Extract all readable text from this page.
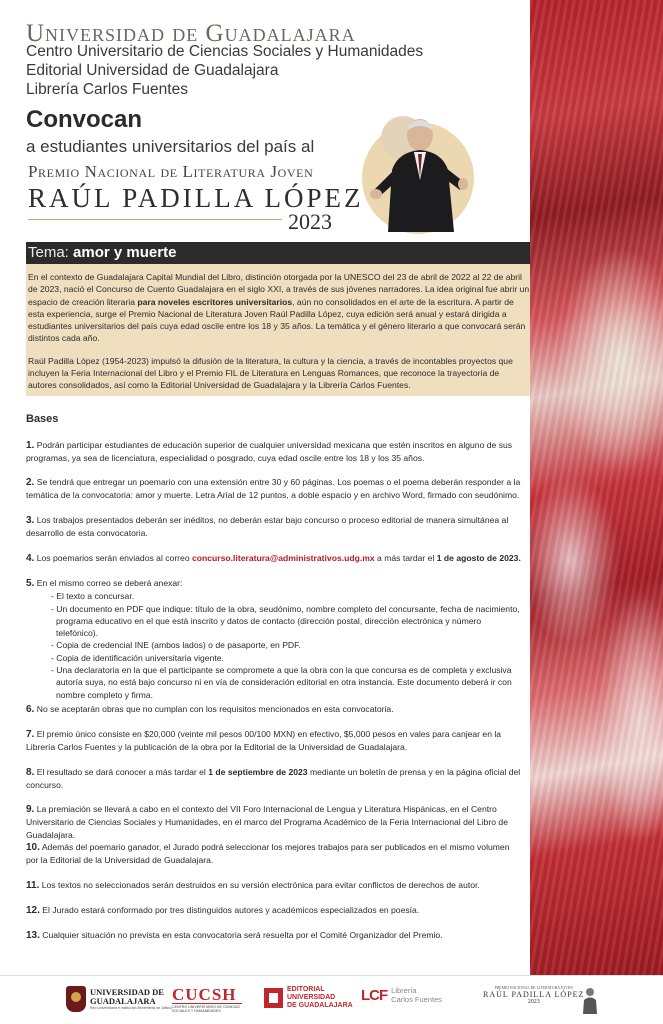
Universidad de Guadalajara
Centro Universitario de Ciencias Sociales y Humanidades
Editorial Universidad de Guadalajara
Librería Carlos Fuentes
Convocan
a estudiantes universitarios del país al
Premio Nacional de Literatura Joven
RAÚL PADILLA LÓPEZ
2023
Tema: amor y muerte

En el contexto de Guadalajara Capital Mundial del Libro, distinción otorgada por la UNESCO del 23 de abril de 2022 al 22 de abril de 2023, nació el Concurso de Cuento Guadalajara en el siglo XXI, a través de sus jóvenes narradores. La idea original fue abrir un espacio de creación literaria para noveles escritores universitarios, aún no consolidados en el arte de la escritura. A partir de esta experiencia, surge el Premio Nacional de Literatura Joven Raúl Padilla López, cuya edición será anual y estará dirigida a estudiantes universitarios del país cuya edad oscile entre los 18 y 35 años. La temática y el género literario a que convocará serán distintos cada año.

Raúl Padilla López (1954-2023) impulsó la difusión de la literatura, la cultura y la ciencia, a través de incontables proyectos que incluyen la Feria Internacional del Libro y el Premio FIL de Literatura en Lenguas Romances, que reconoce la trayectoria de autores consolidados, así como la Editorial Universidad de Guadalajara y la Librería Carlos Fuentes.

Bases
1. Podrán participar estudiantes de educación superior de cualquier universidad mexicana que estén inscritos en alguno de sus programas, ya sea de licenciatura, especialidad o posgrado, cuya edad oscile entre los 18 y los 35 años.
2. Se tendrá que entregar un poemario con una extensión entre 30 y 60 páginas. Los poemas o el poema deberán responder a la temática de la convocatoria: amor y muerte. Letra Arial de 12 puntos, a doble espacio y en archivo Word, firmado con seudónimo.
3. Los trabajos presentados deberán ser inéditos, no deberán estar bajo concurso o proceso editorial de manera simultánea al desarrollo de esta convocatoria.
4. Los poemarios serán enviados al correo concurso.literatura@administrativos.udg.mx a más tardar el 1 de agosto de 2023.
5. En el mismo correo se deberá anexar:
- El texto a concursar.
- Un documento en PDF que indique: título de la obra, seudónimo, nombre completo del concursante, fecha de nacimiento, programa educativo en el que está inscrito y datos de contacto (dirección postal, dirección electrónica y número telefónico).
- Copia de credencial INE (ambos lados) o de pasaporte, en PDF.
- Copia de identificación universitaria vigente.
- Una declaratoria en la que el participante se compromete a que la obra con la que concursa es de completa y exclusiva autoría suya, no está bajo concurso ni en vía de consideración editorial en otra instancia. Este documento deberá ir con nombre completo y firma.
6. No se aceptarán obras que no cumplan con los requisitos mencionados en esta convocatoria.
7. El premio único consiste en $20,000 (veinte mil pesos 00/100 MXN) en efectivo, $5,000 pesos en vales para canjear en la Librería Carlos Fuentes y la publicación de la obra por la Editorial de la Universidad de Guadalajara.
8. El resultado se dará conocer a más tardar el 1 de septiembre de 2023 mediante un boletín de prensa y en la página oficial del concurso.
9. La premiación se llevará a cabo en el contexto del VII Foro Internacional de Lengua y Literatura Hispánicas, en el Centro Universitario de Ciencias Sociales y Humanidades, en el marco del Programa Académico de la Feria Internacional del Libro de Guadalajara.
10. Además del poemario ganador, el Jurado podrá seleccionar los mejores trabajos para ser publicados en el mismo volumen por la Editorial de la Universidad de Guadalajara.
11. Los textos no seleccionados serán destruidos en su versión electrónica para evitar conflictos de derechos de autor.
12. El Jurado estará conformado por tres distinguidos autores y académicos especializados en poesía.
13. Cualquier situación no prevista en esta convocatoria será resuelta por el Comité Organizador del Premio.
UNIVERSIDAD DE
GUADALAJARA
Red Universitaria e Institución Benemérita de Jalisco
CUCSH
CENTRO UNIVERSITARIO DE CIENCIAS SOCIALES Y HUMANIDADES
EDITORIAL
UNIVERSIDAD
DE GUADALAJARA
LCF Librería
Carlos Fuentes
PREMIO NACIONAL DE LITERATURA JOVEN
RAÚL PADILLA LÓPEZ
2023
